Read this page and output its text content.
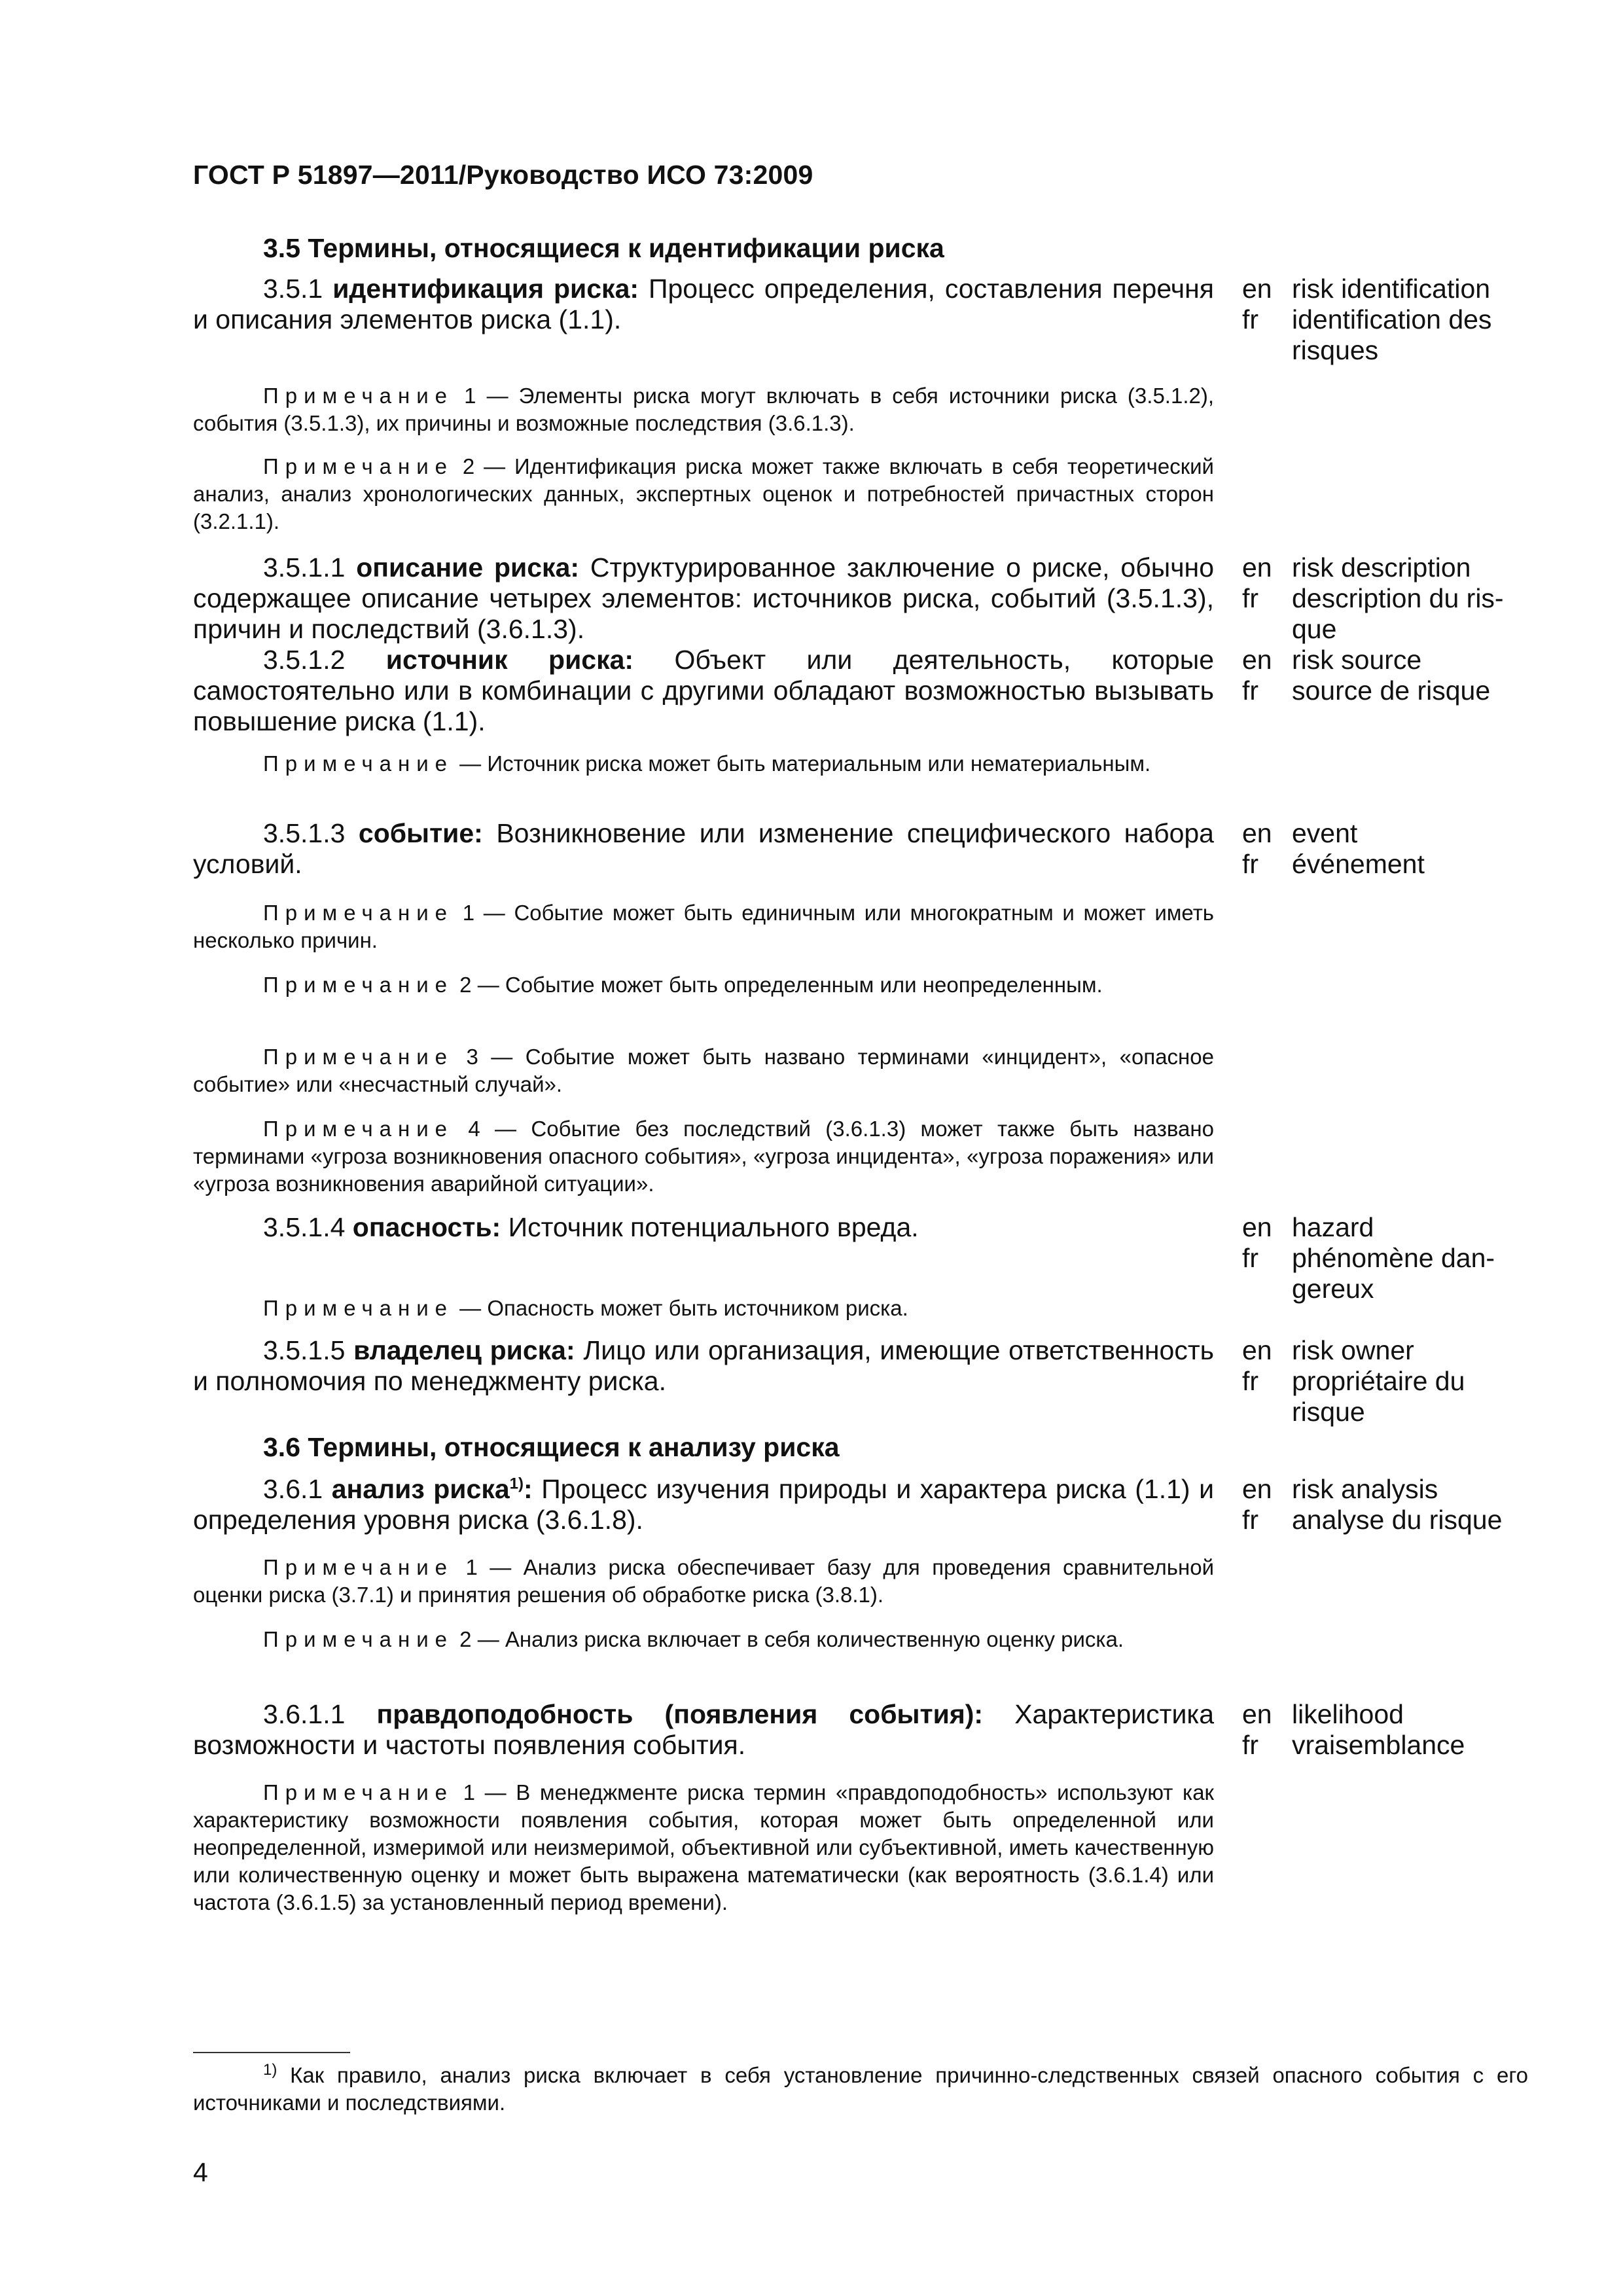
ГОСТ Р 51897—2011/Руководство ИСО 73:2009
3.5 Термины, относящиеся к идентификации риска
3.5.1 идентификация риска: Процесс определения, составления перечня и описания элементов риска (1.1).
en risk identification
fr	identification des
risques
Примечание 1 — Элементы риска могут включать в себя источники риска (3.5.1.2), события (3.5.1.3), их причины и возможные последствия (3.6.1.3).
Примечание 2 — Идентификация риска может также включать в себя теоретический анализ, анализ хронологических данных, экспертных оценок и потребностей причастных сторон (3.2.1.1).
3.5.1.1 описание риска: Структурированное заключение о риске, обычно содержащее описание четырех элементов: источников риска, событий (3.5.1.3), причин и последствий (3.6.1.3).
en risk description
fr	description du ris-
que
3.5.1.2 источник риска: Объект или деятельность, которые самостоятельно или в комбинации с другими обладают возможностью вызывать повышение риска (1.1).
en risk source
fr	source de risque
Примечание — Источник риска может быть материальным или нематериальным.
3.5.1.3 событие: Возникновение или изменение специфического набора условий.
en event
fr	événement
Примечание 1 — Событие может быть единичным или многократным и может иметь несколько причин.
Примечание 2 — Событие может быть определенным или неопределенным.
Примечание 3 — Событие может быть названо терминами «инцидент», «опасное событие» или «несчастный случай».
Примечание 4 — Событие без последствий (3.6.1.3) может также быть названо терминами «угроза возникновения опасного события», «угроза инцидента», «угроза поражения» или «угроза возникновения аварийной ситуации».
3.5.1.4 опасность: Источник потенциального вреда.	en hazard
fr	phénomène dan-
gereux
Примечание — Опасность может быть источником риска.
3.5.1.5 владелец риска: Лицо или организация, имеющие ответственность и полномочия по менеджменту риска.
en risk owner
fr	propriétaire du
risque
3.6 Термины, относящиеся к анализу риска
3.6.1 анализ риска$^{1)}$: Процесс изучения природы и характера риска (1.1) и определения уровня риска (3.6.1.8).
en risk analysis
fr	analyse du risque
Примечание 1 — Анализ риска обеспечивает базу для проведения сравнительной оценки риска (3.7.1) и принятия решения об обработке риска (3.8.1).
Примечание 2 — Анализ риска включает в себя количественную оценку риска.
3.6.1.1 правдоподобность (появления события): Характеристика возможности и частоты появления события.
en likelihood
fr	vraisemblance
Примечание 1 — В менеджменте риска термин «правдоподобность» используют как характеристику возможности появления события, которая может быть определенной или неопределенной, измеримой или неизмеримой, объективной или субъективной, иметь качественную или количественную оценку и может быть выражена математически (как вероятность (3.6.1.4) или частота (3.6.1.5) за установленный период времени).
$^{1)}$ Как правило, анализ риска включает в себя установление причинно-следственных связей опасного события с его источниками и последствиями.
4
